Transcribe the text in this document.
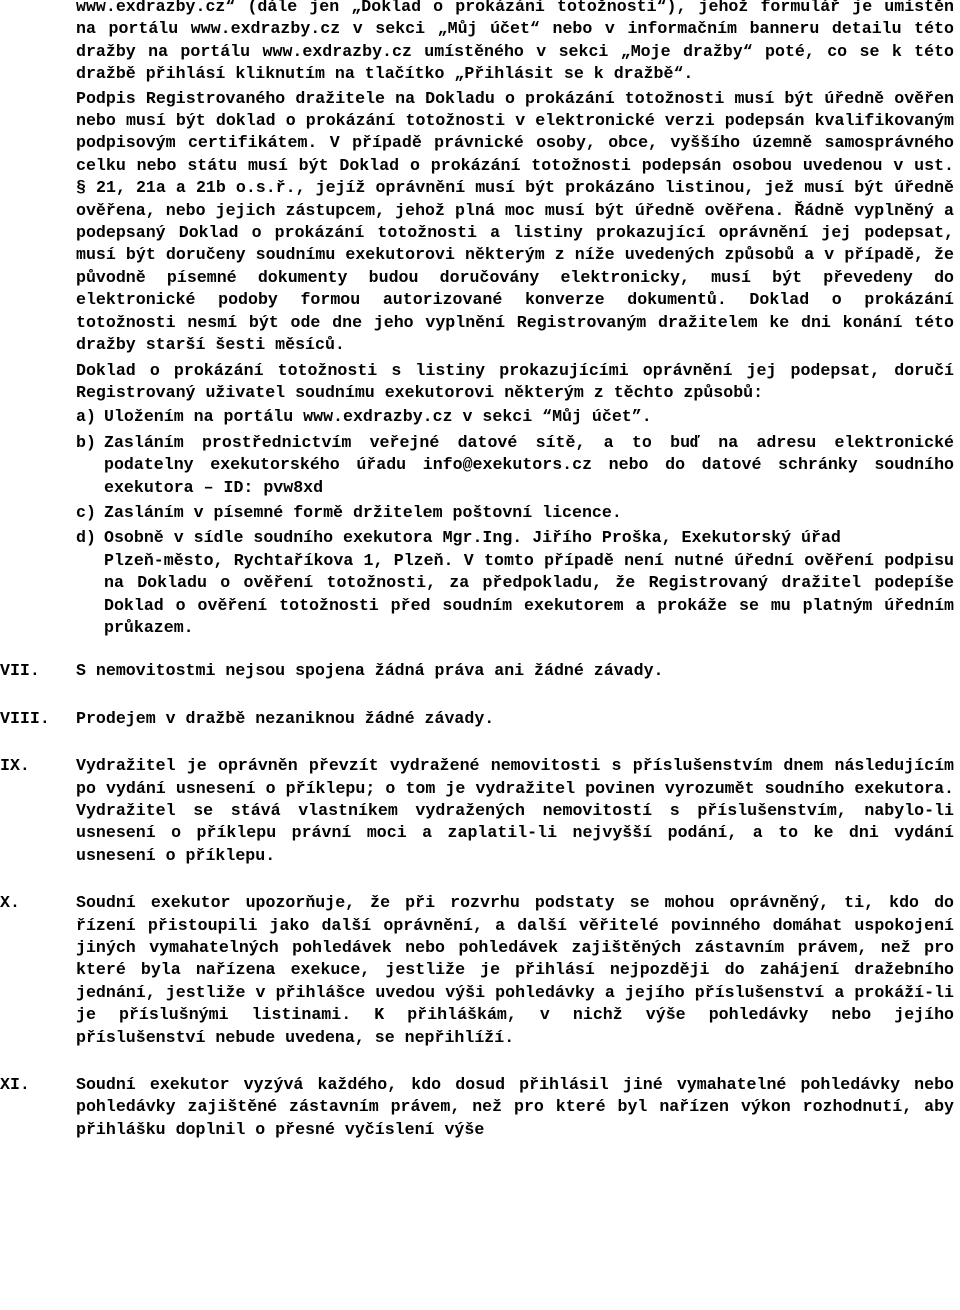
www.exdrazby.cz“ (dále jen „Doklad o prokázání totožnosti“), jehož formulář je umístěn na portálu www.exdrazby.cz v sekci „Můj účet“ nebo v informačním banneru detailu této dražby na portálu www.exdrazby.cz umístěného v sekci „Moje dražby“ poté, co se k této dražbě přihlásí kliknutím na tlačítko „Přihlásit se k dražbě“.

Podpis Registrovaného dražitele na Dokladu o prokázání totožnosti musí být úředně ověřen nebo musí být doklad o prokázání totožnosti v elektronické verzi podepsán kvalifikovaným podpisovým certifikátem. V případě právnické osoby, obce, vyššího územně samosprávného celku nebo státu musí být Doklad o prokázání totožnosti podepsán osobou uvedenou v ust. § 21, 21a a 21b o.s.ř., jejíž oprávnění musí být prokázáno listinou, jež musí být úředně ověřena, nebo jejich zástupcem, jehož plná moc musí být úředně ověřena. Řádně vyplněný a podepsaný Doklad o prokázání totožnosti a listiny prokazující oprávnění jej podepsat, musí být doručeny soudnímu exekutorovi některým z níže uvedených způsobů a v případě, že původně písemné dokumenty budou doručovány elektronicky, musí být převedeny do elektronické podoby formou autorizované konverze dokumentů. Doklad o prokázání totožnosti nesmí být ode dne jeho vyplnění Registrovaným dražitelem ke dni konání této dražby starší šesti měsíců.

Doklad o prokázání totožnosti s listiny prokazujícími oprávnění jej podepsat, doručí Registrovaný uživatel soudnímu exekutorovi některým z těchto způsobů:

a) Uložením na portálu www.exdrazby.cz v sekci “Můj účet”.
b) Zasláním prostřednictvím veřejné datové sítě, a to buď na adresu elektronické podatelny exekutorského úřadu info@exekutors.cz nebo do datové schránky soudního exekutora – ID: pvw8xd
c) Zasláním v písemné formě držitelem poštovní licence.
d) Osobně v sídle soudního exekutora Mgr.Ing. Jiřího Proška, Exekutorský úřad
Plzeň-město, Rychtaříkova 1, Plzeň. V tomto případě není nutné úřední ověření podpisu na Dokladu o ověření totožnosti, za předpokladu, že Registrovaný dražitel podepíše Doklad o ověření totožnosti před soudním exekutorem a prokáže se mu platným úředním průkazem.
VII.	S nemovitostmi nejsou spojena žádná práva ani žádné závady.
VIII.	Prodejem v dražbě nezaniknou žádné závady.
IX.	Vydražitel je oprávněn převzít vydražené nemovitosti s příslušenstvím dnem následujícím po vydání usnesení o příklepu; o tom je vydražitel povinen vyrozumět soudního exekutora. Vydražitel se stává vlastníkem vydražených nemovitostí s příslušenstvím, nabylo-li usnesení o příklepu právní moci a zaplatil-li nejvyšší podání, a to ke dni vydání usnesení o příklepu.
X.	Soudní exekutor upozorňuje, že při rozvrhu podstaty se mohou oprávněný, ti, kdo do řízení přistoupili jako další oprávnění, a další věřitelé povinného domáhat uspokojení jiných vymahatelných pohledávek nebo pohledávek zajištěných zástavním právem, než pro které byla nařízena exekuce, jestliže je přihlásí nejpozději do zahájení dražebního jednání, jestliže v přihlášce uvedou výši pohledávky a jejího příslušenství a prokáží-li je příslušnými listinami. K přihláškám, v nichž výše pohledávky nebo jejího příslušenství nebude uvedena, se nepřihlíží.
XI.	Soudní exekutor vyzývá každého, kdo dosud přihlásil jiné vymahatelné pohledávky nebo pohledávky zajištěné zástavním právem, než pro které byl nařízen výkon rozhodnutí, aby přihlášku doplnil o přesné vyčíslení výše
